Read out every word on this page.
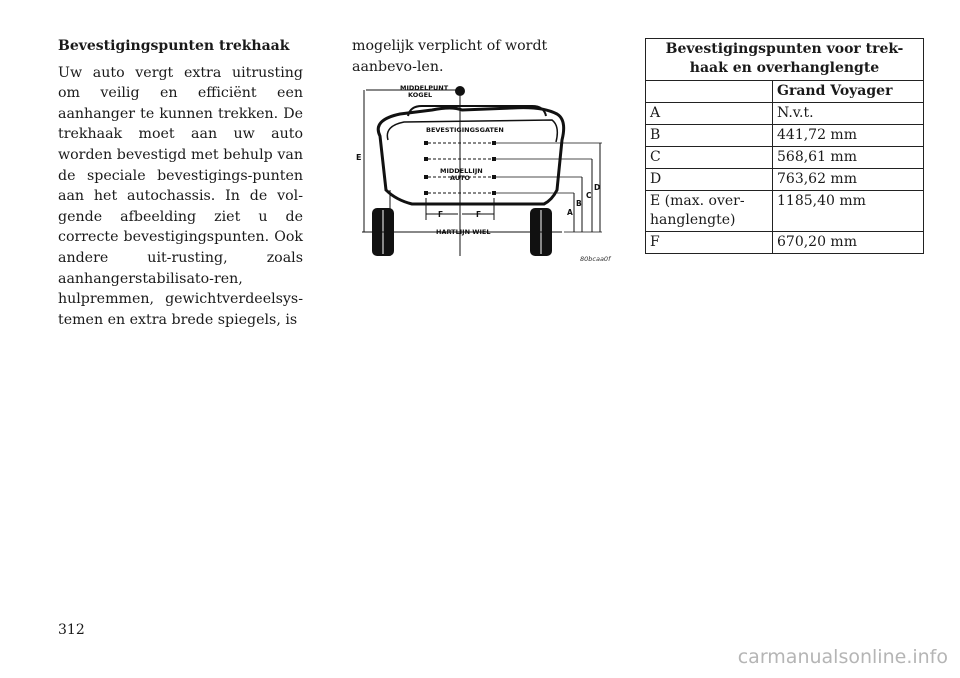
Bevestigingspunten trekhaak

Uw auto vergt extra uitrusting om veilig en efficiënt een aanhanger te kunnen trekken. De trekhaak moet aan uw auto worden bevestigd met behulp van de speciale bevestigings-punten aan het autochassis. In de vol-gende afbeelding ziet u de correcte bevestigingspunten. Ook andere uit-rusting, zoals aanhangerstabilisato-ren, hulpremmen, gewichtverdeelsys-temen en extra brede spiegels, is

mogelijk verplicht of wordt aanbevo-len.

MIDDELPUNT
KOGEL
BEVESTIGINGSGATEN
MIDDELLIJN
AUTO
HARTLIJN WIEL
E
F	F	A
B
C
D
80bcaa0f
Bevestigingspunten voor trek-haak en overhanglengte	
	Grand Voyager
A	N.v.t.
B	441,72 mm
C	568,61 mm
D	763,62 mm
E (max. over-hanglengte)	1185,40 mm
F	670,20 mm
312
carmanualsonline.info
